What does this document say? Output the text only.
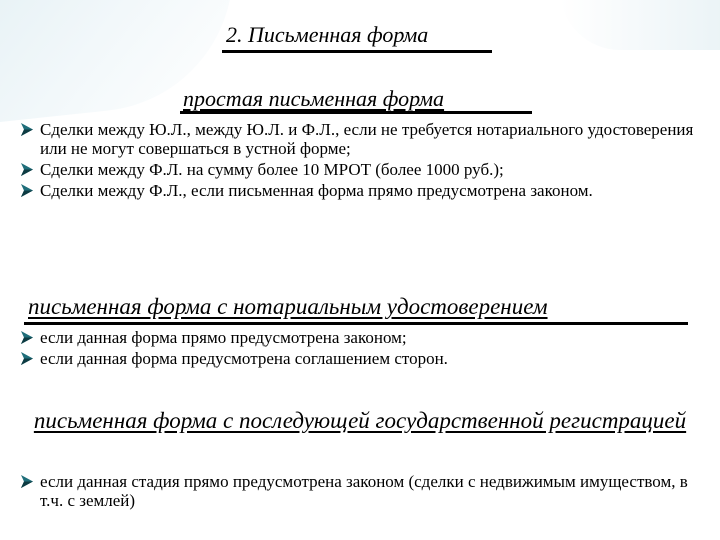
2. Письменная форма
простая письменная форма
Сделки между Ю.Л., между Ю.Л. и Ф.Л., если не требуется нотариального удостоверения или не могут совершаться в устной форме;
Сделки между Ф.Л. на сумму более 10 МРОТ (более 1000 руб.);
Сделки между Ф.Л., если письменная форма прямо предусмотрена законом.
письменная форма с нотариальным удостоверением
если данная форма прямо предусмотрена законом;
если данная форма предусмотрена соглашением сторон.
письменная форма с последующей государственной регистрацией
если данная стадия прямо предусмотрена законом (сделки с недвижимым имуществом, в т.ч. с землей)
